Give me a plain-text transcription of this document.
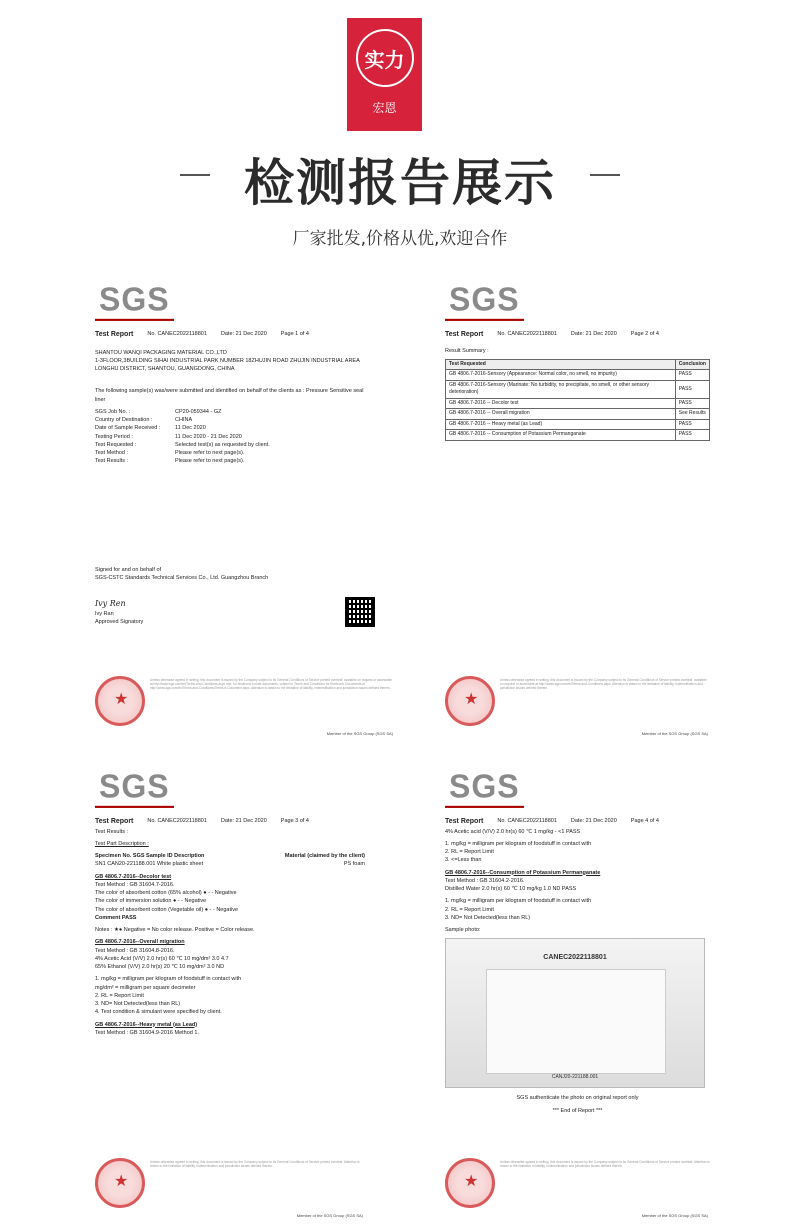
实力
宏恩
检测报告展示
厂家批发,价格从优,欢迎合作
SGS
Test Report	No. CANEC2022118801	Date: 21 Dec 2020	Page 1 of 4
SHANTOU WANQI PACKAGING MATERIAL CO.,LTD
1-3FLOOR,3BUILDING SIHAI INDUSTRIAL PARK NUMBER 18ZHUJIN ROAD ZHUJIN INDUSTRIAL AREA
LONGHU DISTRICT, SHANTOU, GUANGDONG, CHINA
The following sample(s) was/were submitted and identified on behalf of the clients as : Pressure Sensitive seal liner
SGS Job No. :	CP20-059344 - GZ
Country of Destination :	CHINA
Date of Sample Received :	11 Dec 2020
Testing Period :	11 Dec 2020 - 21 Dec 2020
Test Requested :	Selected test(s) as requested by client.
Test Method :	Please refer to next page(s).
Test Results :	Please refer to next page(s).
Signed for and on behalf of
SGS-CSTC Standards Technical Services Co., Ltd. Guangzhou Branch
Ivy Ren
Ivy Ran
Approved Signatory
★
Unless otherwise agreed in writing, this document is issued by the Company subject to its General Conditions of Service printed overleaf, available on request or accessible at http://www.sgs.com/en/Terms-and-Conditions.aspx and, for electronic format documents, subject to Terms and Conditions for Electronic Documents at http://www.sgs.com/en/Terms-and-Conditions/Terms-e-Document.aspx. Attention is drawn to the limitation of liability, indemnification and jurisdiction issues defined therein.
Member of the SGS Group (SGS SA)
SGS
Test Report	No. CANEC2022118801	Date: 21 Dec 2020	Page 2 of 4
Result Summary :
Test Requested	Conclusion
GB 4806.7-2016-Sensory (Appearance: Normal color, no smell, no impurity)	PASS
GB 4806.7-2016-Sensory (Marinate: No turbidity, no precipitate, no smell, or other sensory deterioration)	PASS
GB 4806.7-2016 -- Decolor test	PASS
GB 4806.7-2016 -- Overall migration	See Results
GB 4806.7-2016 -- Heavy metal (as Lead)	PASS
GB 4806.7-2016 -- Consumption of Potassium Permanganate	PASS
★
Unless otherwise agreed in writing, this document is issued by the Company subject to its General Conditions of Service printed overleaf, available on request or accessible at http://www.sgs.com/en/Terms-and-Conditions.aspx. Attention is drawn to the limitation of liability, indemnification and jurisdiction issues defined therein.
Member of the SGS Group (SGS SA)
SGS
Test Report	No. CANEC2022118801	Date: 21 Dec 2020	Page 3 of 4
Test Results :
Test Part Description :
Specimen No. SGS Sample ID Description	Material (claimed by the client)
SN1 CAN20-221188.001 White plastic sheet	PS foam
GB 4806.7-2016--Decolor test
Test Method : GB 31604.7-2016.
The color of absorbent cotton (65% alcohol) ● - - Negative
The color of immersion solution ● - - Negative
The color of absorbent cotton (Vegetable oil) ● - - Negative
Comment PASS
Notes : ★● Negative = No color release. Positive = Color release.
GB 4806.7-2016--Overall migration
Test Method : GB 31604.8-2016.
4% Acetic Acid (V/V) 2.0 hr(s) 60 ℃ 10 mg/dm² 3.0 4.7
65% Ethanol (V/V) 2.0 hr(s) 20 ℃ 10 mg/dm² 3.0 ND
1. mg/kg = milligram per kilogram of foodstuff in contact with
mg/dm² = milligram per square decimeter
2. RL = Report Limit
3. ND= Not Detected(less than RL)
4. Test condition & simulant were specified by client.
GB 4806.7-2016--Heavy metal (as Lead)
Test Method : GB 31604.9-2016 Method 1.
★
Unless otherwise agreed in writing, this document is issued by the Company subject to its General Conditions of Service printed overleaf. Attention is drawn to the limitation of liability, indemnification and jurisdiction issues defined therein.
Member of the SGS Group (SGS SA)
SGS
Test Report	No. CANEC2022118801	Date: 21 Dec 2020	Page 4 of 4
4% Acetic acid (V/V) 2.0 hr(s) 60 ℃ 1 mg/kg - <1 PASS
1. mg/kg = milligram per kilogram of foodstuff in contact with
2. RL = Report Limit
3. <=Less than
GB 4806.7-2016--Consumption of Potassium Permanganate
Test Method : GB 31604.2-2016.
Distilled Water 2.0 hr(s) 60 ℃ 10 mg/kg 1.0 ND PASS
1. mg/kg = milligram per kilogram of foodstuff in contact with
2. RL = Report Limit
3. ND= Not Detected(less than RL)
Sample photo:
CANEC2022118801
CANJ20-221188.001
SGS authenticate the photo on original report only
*** End of Report ***
★
Unless otherwise agreed in writing, this document is issued by the Company subject to its General Conditions of Service printed overleaf. Attention is drawn to the limitation of liability, indemnification and jurisdiction issues defined therein.
Member of the SGS Group (SGS SA)
